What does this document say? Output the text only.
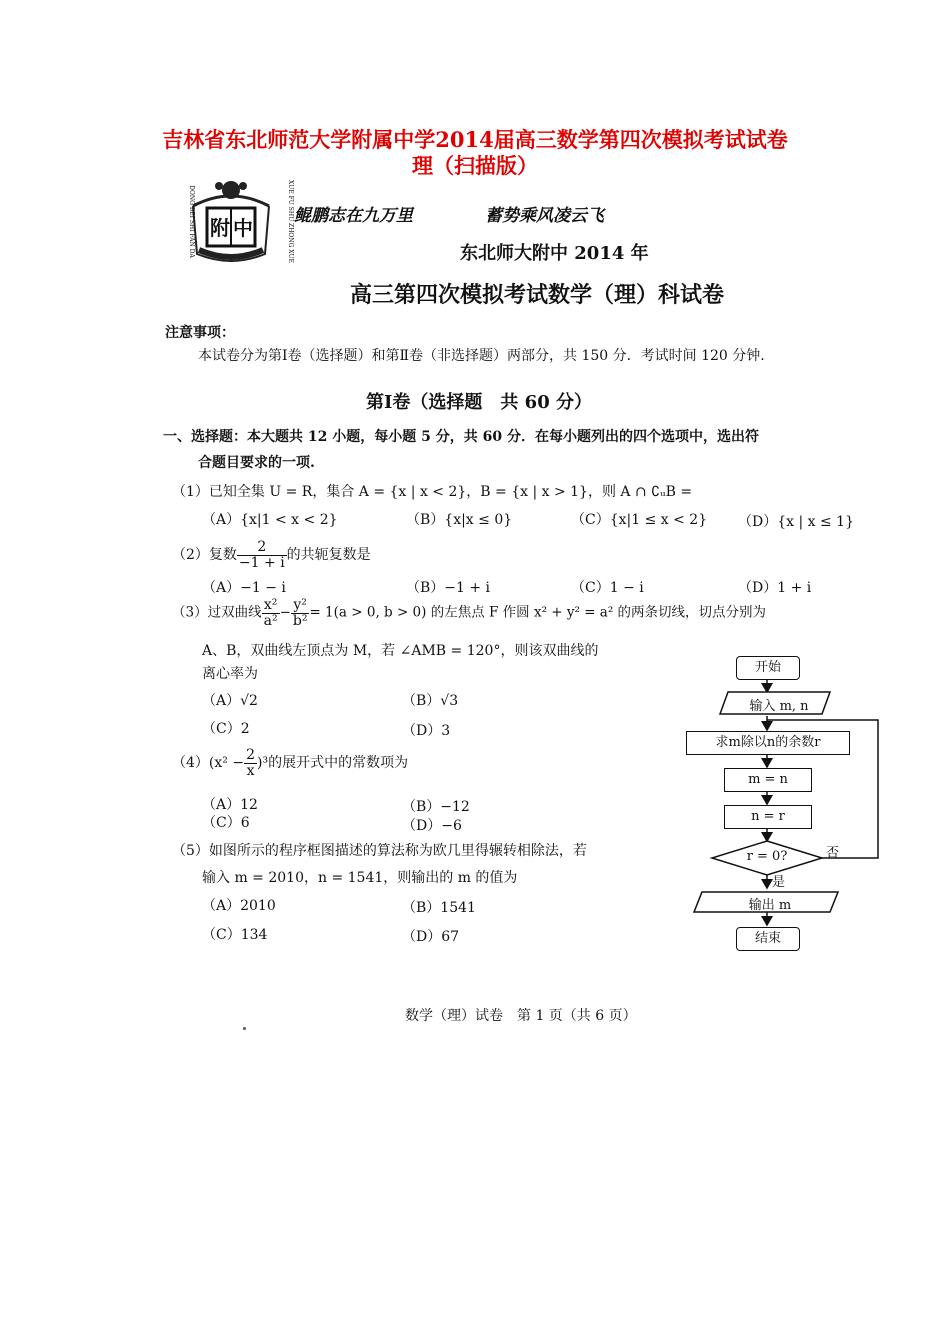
吉林省东北师范大学附属中学2014届高三数学第四次模拟考试试卷
理（扫描版）
附 中
DONG BEI SHI FAN DA	XUE FU SHU ZHONG XUE 鲲鹏志在九万里	蓄势乘风凌云飞
东北师大附中 2014 年
高三第四次模拟考试数学（理）科试卷
注意事项：
本试卷分为第Ⅰ卷（选择题）和第Ⅱ卷（非选择题）两部分，共 150 分．考试时间 120 分钟.
第Ⅰ卷（选择题　共 60 分）
一、选择题：本大题共 12 小题，每小题 5 分，共 60 分．在每小题列出的四个选项中，选出符
合题目要求的一项.
（1）已知全集 U = R，集合 A = {x | x < 2}，B = {x | x > 1}，则 A ∩ ∁ᵤB =
（A）{x|1 < x < 2}	（B）{x|x ≤ 0}	（C）{x|1 ≤ x < 2} （D）{x | x ≤ 1}
（2）复数 $\frac{2}{-1 + i}$ 的共轭复数是
（A）−1 − i	（B）−1 + i	（C）1 − i	（D）1 + i
（3）过双曲线 $\frac{\text{x²}}{\text{a²}} - \frac{\text{y²}}{\text{b²}} = 1(a > 0$, b > 0) 的左焦点 F 作圆 x² + y² = a² 的两条切线，切点分别为
A、B，双曲线左顶点为 M，若 ∠AMB = 120°，则该双曲线的
离心率为
（A）√2	（B）√3
（C）2	（D）3
$(4)(x^2 - \frac{2}{x} )^3$的展开式中的常数项为
（A）12	（B）−12
（C）6	（D）−6
（5）如图所示的程序框图描述的算法称为欧几里得辗转相除法，若
输入 m = 2010，n = 1541，则输出的 m 的值为
（A）2010	（B）1541
（C）134	（D）67
开始
输入 m, n
求m除以n的余数r
m = n
n = r
r = 0?	否
是
输出 m
结束
数学（理）试卷　第 1 页（共 6 页）
